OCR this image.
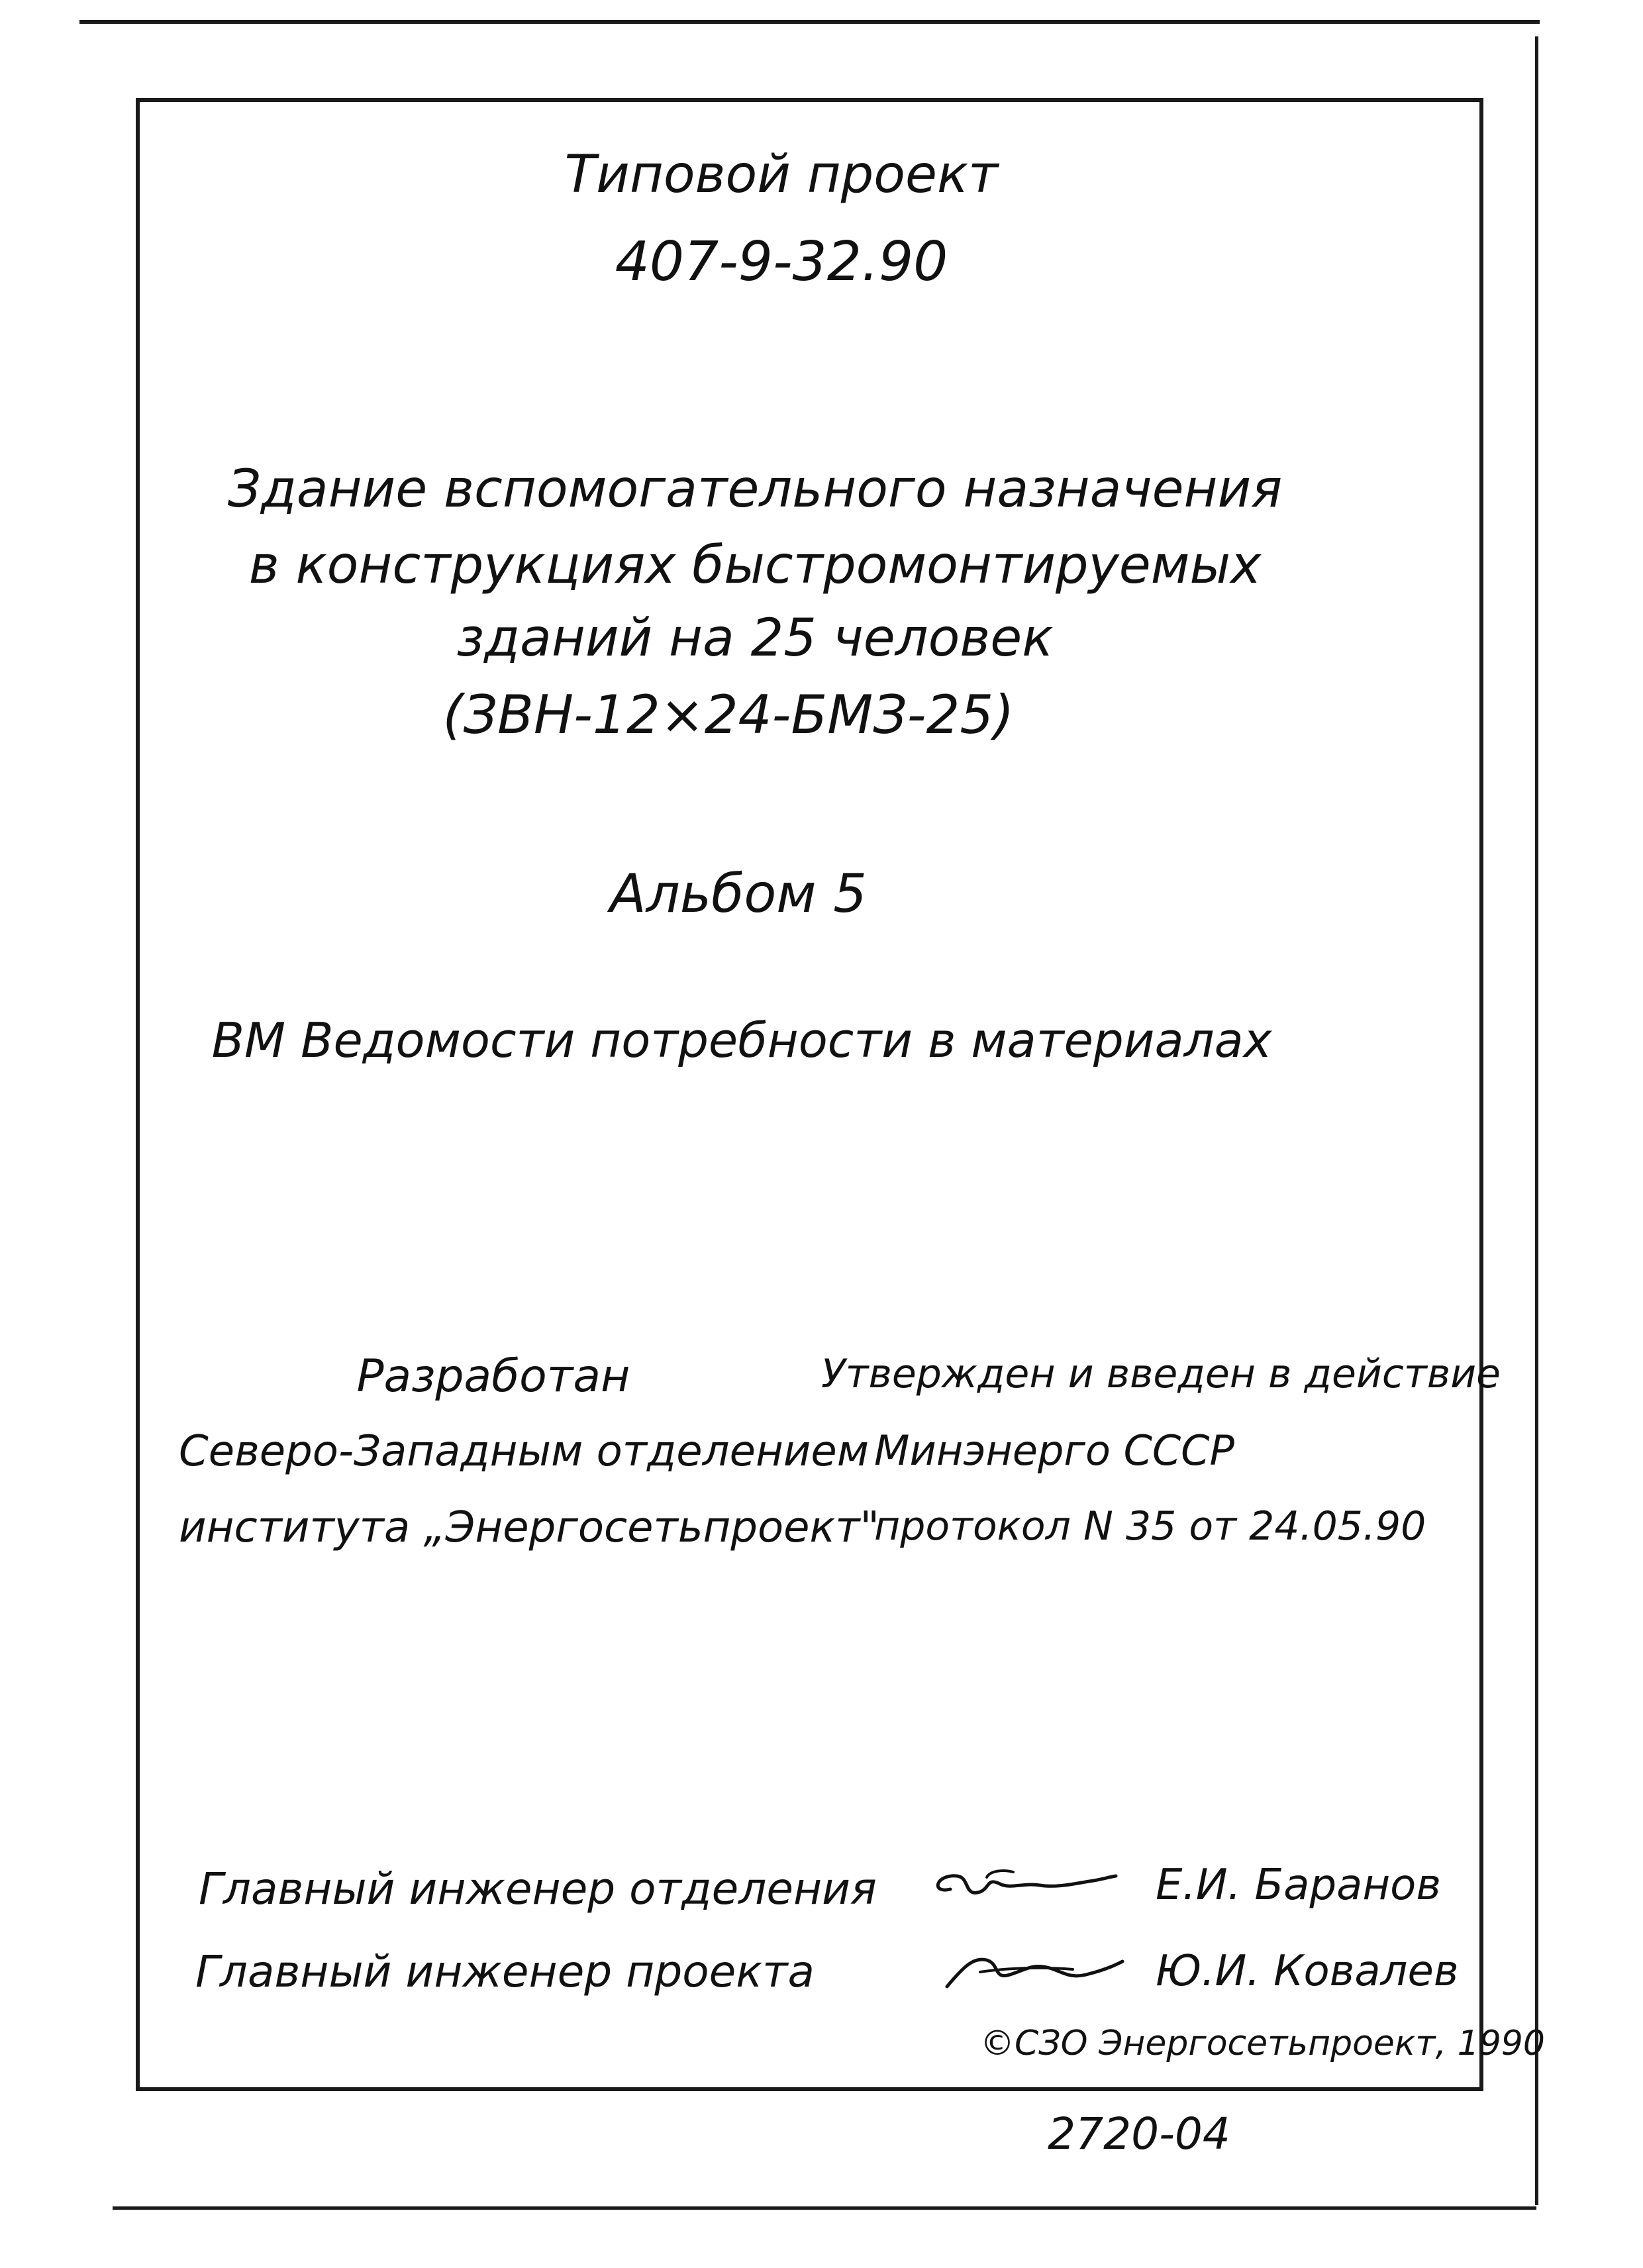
Типовой проект
407-9-32.90
Здание вспомогательного назначения
в конструкциях быстромонтируемых
зданий на 25 человек
(ЗВН-12×24-БМЗ-25)
Альбом 5
ВМ Ведомости потребности в материалах
Разработан
Северо-Западным отделением
института „Энергосетьпроект"
Утвержден и введен в действие
Минэнерго СССР
протокол N 35 от 24.05.90
Главный инженер отделения
Главный инженер проекта
Е.И. Баранов
Ю.И. Ковалев
©СЗО Энергосетьпроект, 1990
2720-04
